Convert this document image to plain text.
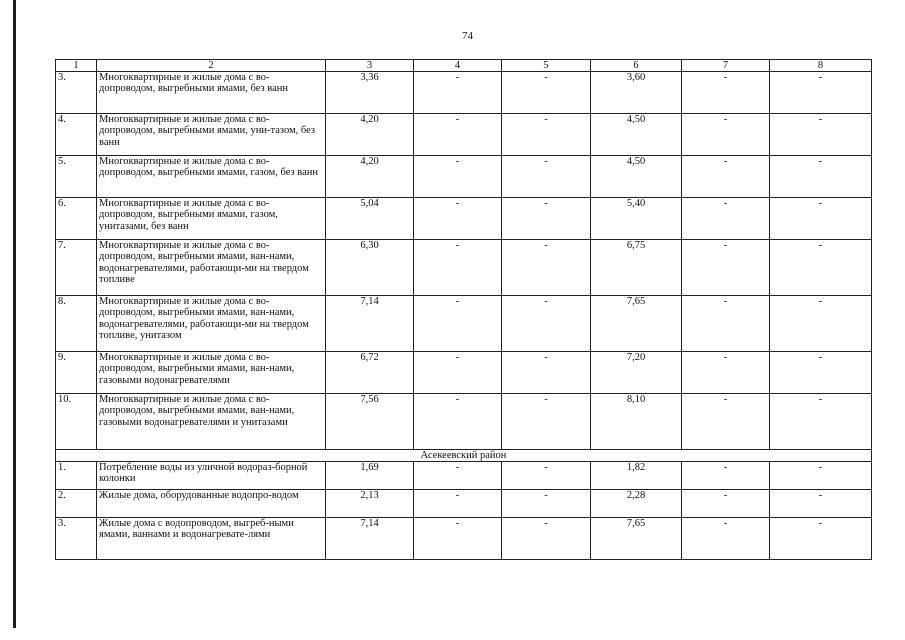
74
1	2	3	4	5	6	7	8
3.	Многоквартирные и жилые дома с во-допроводом, выгребными ямами, без ванн	3,36	-	-	3,60	-	-
4.	Многоквартирные и жилые дома с во-допроводом, выгребными ямами, уни-тазом, без ванн	4,20	-	-	4,50	-	-
5.	Многоквартирные и жилые дома с во-допроводом, выгребными ямами, газом, без ванн	4,20	-	-	4,50	-	-
6.	Многоквартирные и жилые дома с во-допроводом, выгребными ямами, газом, унитазами, без ванн	5,04	-	-	5,40	-	-
7.	Многоквартирные и жилые дома с во-допроводом, выгребными ямами, ван-нами, водонагревателями, работающи-ми на твердом топливе	6,30	-	-	6,75	-	-
8.	Многоквартирные и жилые дома с во-допроводом, выгребными ямами, ван-нами, водонагревателями, работающи-ми на твердом топливе, унитазом	7,14	-	-	7,65	-	-
9.	Многоквартирные и жилые дома с во-допроводом, выгребными ямами, ван-нами, газовыми водонагревателями	6,72	-	-	7,20	-	-
10.	Многоквартирные и жилые дома с во-допроводом, выгребными ямами, ван-нами, газовыми водонагревателями и унитазами	7,56	-	-	8,10	-	-
Асекеевский район							
1.	Потребление воды из уличной водораз-борной колонки	1,69	-	-	1,82	-	-
2.	Жилые дома, оборудованные водопро-водом	2,13	-	-	2,28	-	-
3.	Жилые дома с водопроводом, выгреб-ными ямами, ваннами и водонагревате-лями	7,14	-	-	7,65	-	-
